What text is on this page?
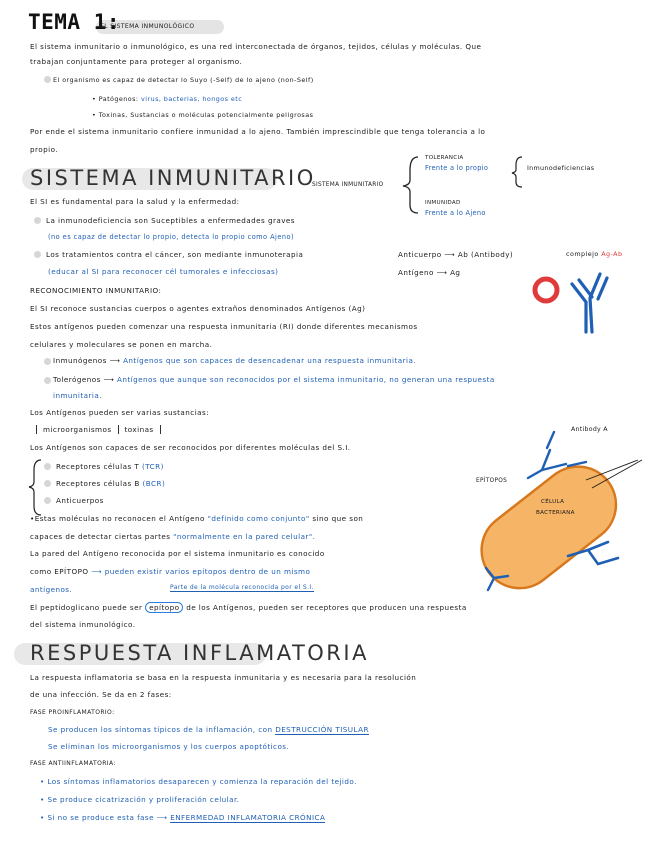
TEMA 1:
EL SISTEMA INMUNOLÓGICO
El sistema inmunitario o inmunológico, es una red interconectada de órganos, tejidos, células y moléculas. Que
trabajan conjuntamente para proteger al organismo.
El organismo es capaz de detectar lo Suyo (-Self) de lo ajeno (non-Self)
• Patógenos: virus, bacterias, hongos etc
• Toxinas, Sustancias o moléculas potencialmente peligrosas
Por ende el sistema inmunitario confiere inmunidad a lo ajeno. También imprescindible que tenga tolerancia a lo
propio.
SISTEMA INMUNITARIO
SISTEMA INMUNITARIO
TOLERANCIA
Frente a lo propio	Inmunodeficiencias
INMUNIDAD
Frente a lo Ajeno
El SI es fundamental para la salud y la enfermedad:
La inmunodeficiencia son Suceptibles a enfermedades graves
(no es capaz de detectar lo propio, detecta lo propio como Ajeno)
Los tratamientos contra el cáncer, son mediante inmunoterapia
(educar al SI para reconocer cél tumorales e infecciosas)
Anticuerpo ⟶ Ab (Antibody)
Antígeno ⟶ Ag
complejo Ag-Ab
RECONOCIMIENTO INMUNITARIO:
El SI reconoce sustancias cuerpos o agentes extraños denominados Antígenos (Ag)
Estos antígenos pueden comenzar una respuesta inmunitaria (RI) donde diferentes mecanismos
celulares y moleculares se ponen en marcha.
Inmunógenos ⟶ Antígenos que son capaces de desencadenar una respuesta inmunitaria.
Tolerógenos ⟶ Antígenos que aunque son reconocidos por el sistema inmunitario, no generan una respuesta
inmunitaria.
Los Antígenos pueden ser varias sustancias:
microorganismos toxinas
Los Antígenos son capaces de ser reconocidos por diferentes moléculas del S.I.
Receptores células T (TCR)
Receptores células B (BCR)
Anticuerpos
•Estas moléculas no reconocen el Antígeno "definido como conjunto" sino que son
capaces de detectar ciertas partes "normalmente en la pared celular".
La pared del Antígeno reconocida por el sistema inmunitario es conocido
como EPÍTOPO ⟶ pueden existir varios epítopos dentro de un mismo
antígenos.	Parte de la molécula reconocida por el S.I.
El peptidoglicano puede ser epítopo de los Antígenos, pueden ser receptores que producen una respuesta
del sistema inmunológico.
Antibody A
EPÍTOPOS
CÉLULA
BACTERIANA
RESPUESTA INFLAMATORIA
La respuesta inflamatoria se basa en la respuesta inmunitaria y es necesaria para la resolución
de una infección. Se da en 2 fases:
FASE PROINFLAMATORIO:
Se producen los síntomas típicos de la inflamación, con DESTRUCCIÓN TISULAR
Se eliminan los microorganismos y los cuerpos apoptóticos.
FASE ANTIINFLAMATORIA:
• Los síntomas inflamatorios desaparecen y comienza la reparación del tejido.
• Se produce cicatrización y proliferación celular.
• Si no se produce esta fase ⟶ ENFERMEDAD INFLAMATORIA CRÓNICA
